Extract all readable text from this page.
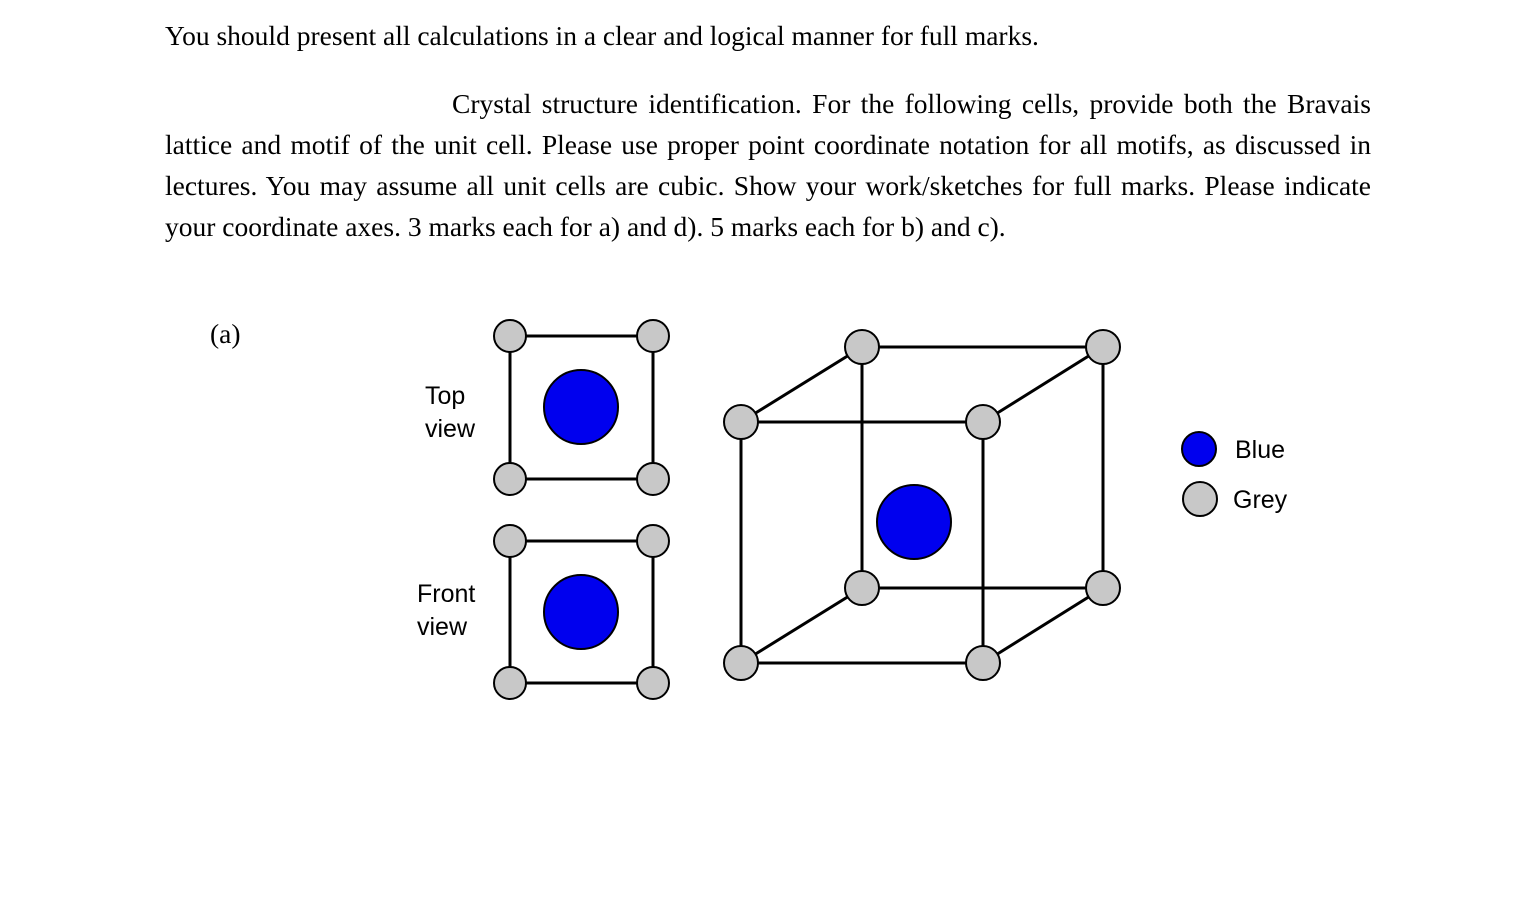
You should present all calculations in a clear and logical manner for full marks.
Crystal structure identification. For the following cells, provide both the Bravais lattice and motif of the unit cell. Please use proper point coordinate notation for all motifs, as discussed in lectures. You may assume all unit cells are cubic. Show your work/sketches for full marks. Please indicate your coordinate axes. 3 marks each for a) and d). 5 marks each for b) and c).
(a)
Top
view
Front
view
Blue
Grey
